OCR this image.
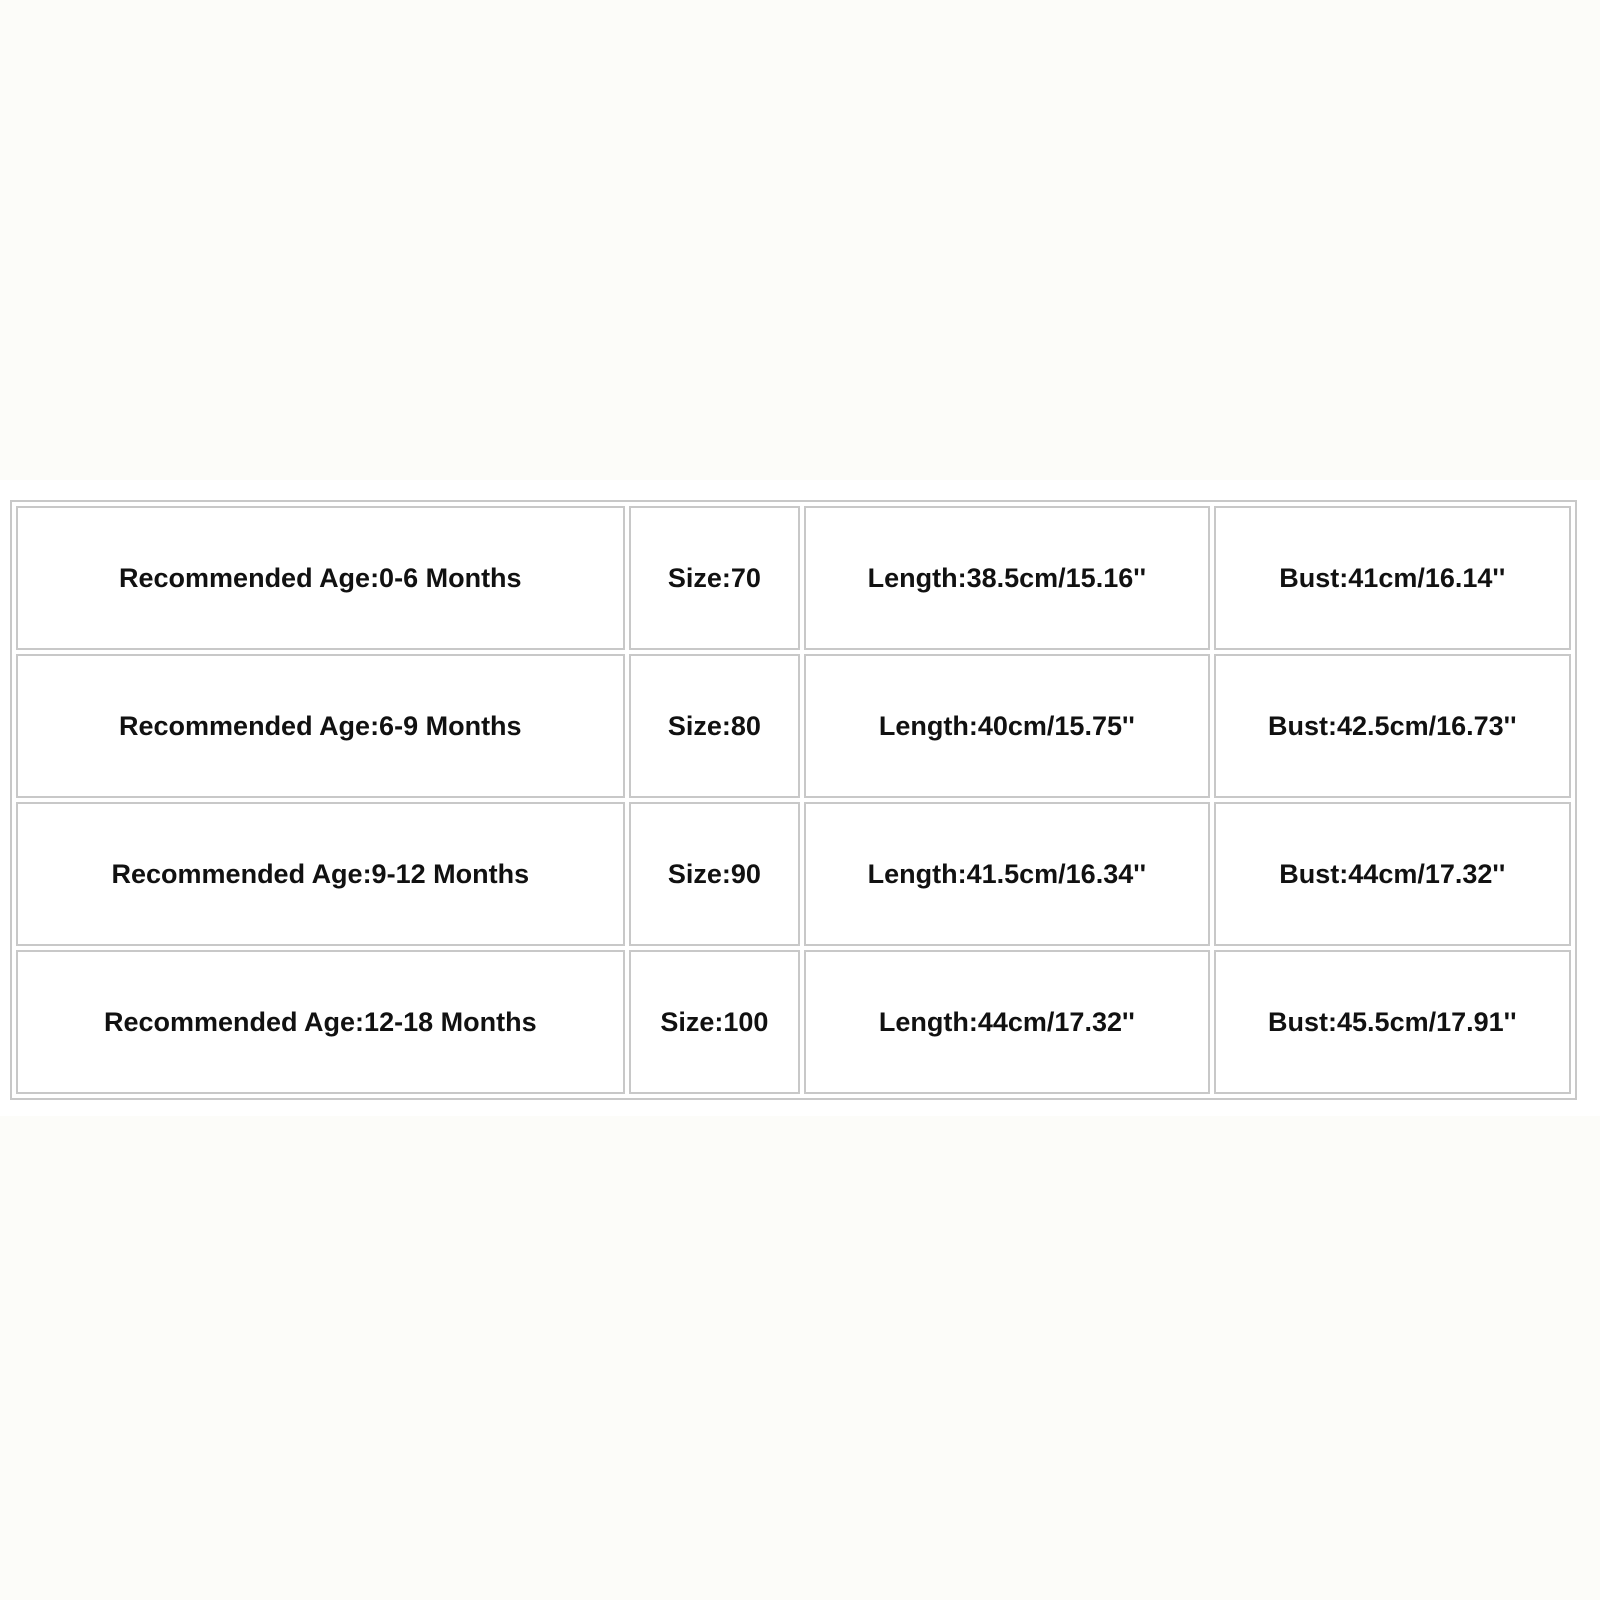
Recommended Age:0-6 Months	Size:70	Length:38.5cm/15.16''	Bust:41cm/16.14''
Recommended Age:6-9 Months	Size:80	Length:40cm/15.75''	Bust:42.5cm/16.73''
Recommended Age:9-12 Months	Size:90	Length:41.5cm/16.34''	Bust:44cm/17.32''
Recommended Age:12-18 Months	Size:100	Length:44cm/17.32''	Bust:45.5cm/17.91''
